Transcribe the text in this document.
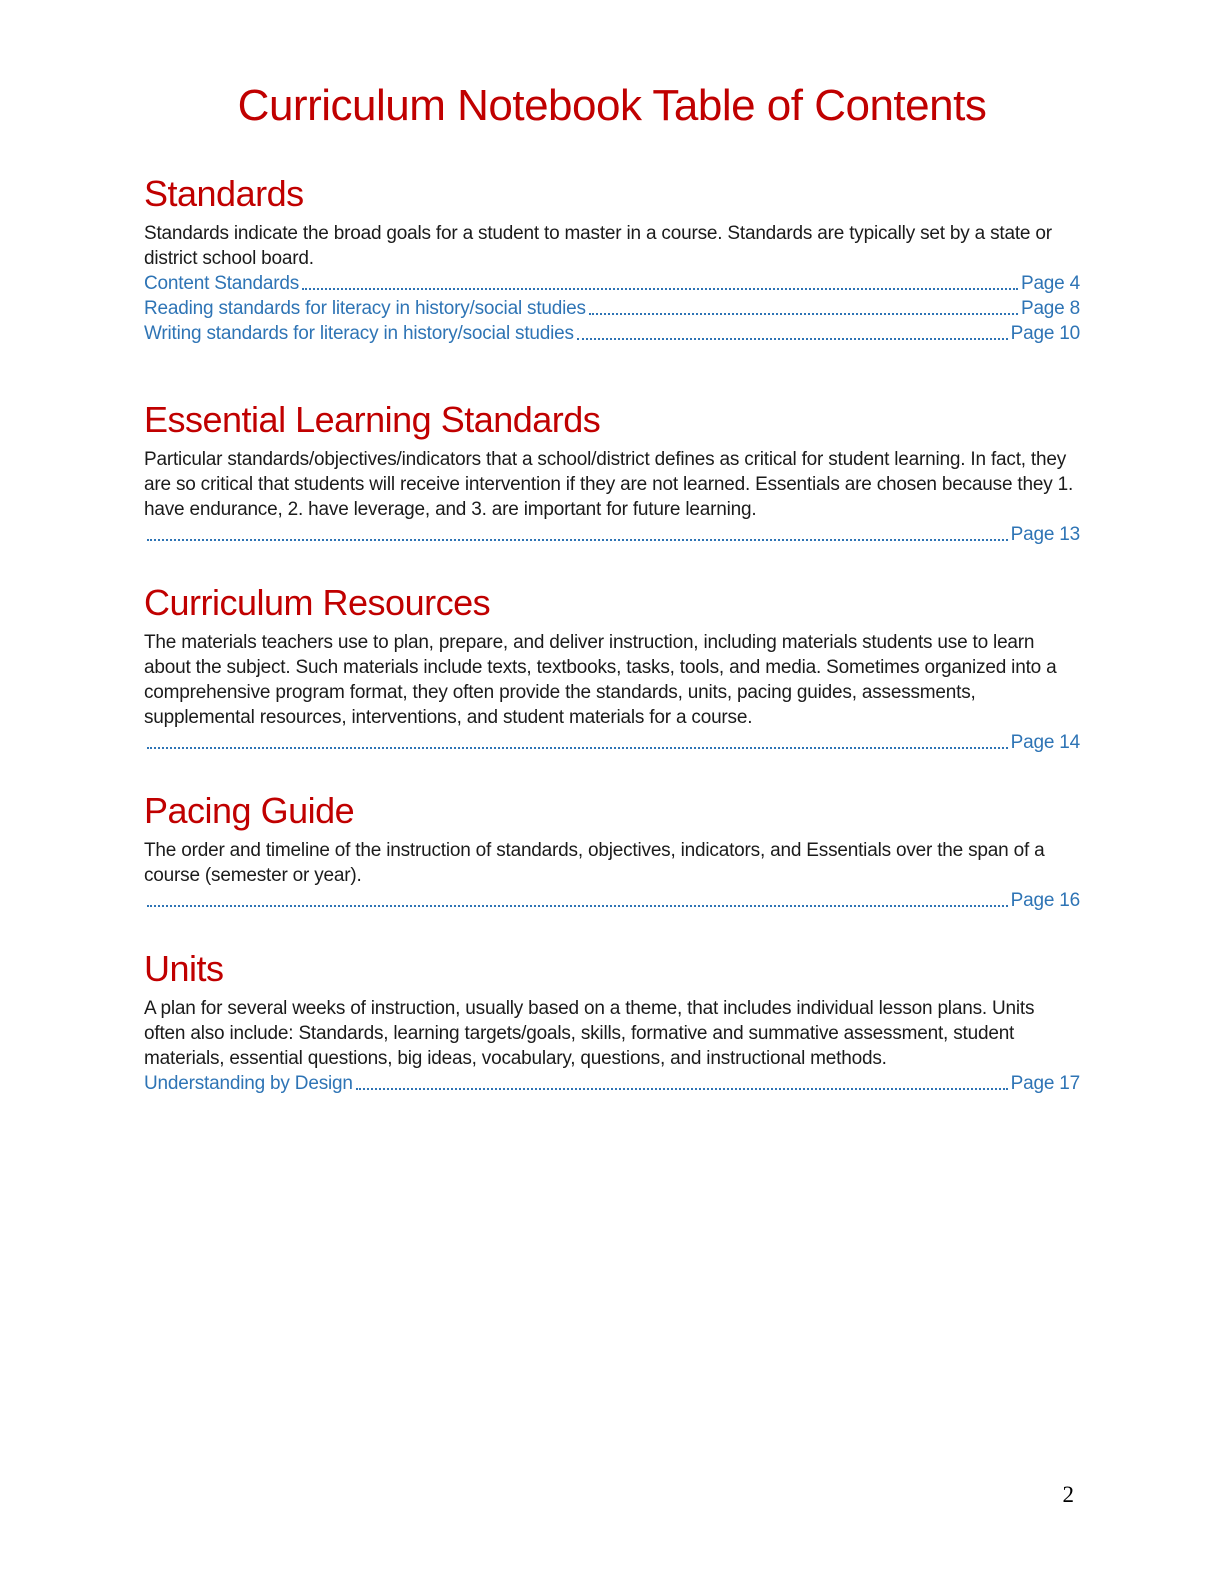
Curriculum Notebook Table of Contents
Standards

Standards indicate the broad goals for a student to master in a course. Standards are typically set by a state or district school board.

Content Standards	Page 4
Reading standards for literacy in history/social studies	Page 8
Writing standards for literacy in history/social studies	Page 10
Essential Learning Standards

Particular standards/objectives/indicators that a school/district defines as critical for student learning. In fact, they are so critical that students will receive intervention if they are not learned. Essentials are chosen because they 1. have endurance, 2. have leverage, and 3. are important for future learning.

Page 13
Curriculum Resources

The materials teachers use to plan, prepare, and deliver instruction, including materials students use to learn about the subject. Such materials include texts, textbooks, tasks, tools, and media. Sometimes organized into a comprehensive program format, they often provide the standards, units, pacing guides, assessments, supplemental resources, interventions, and student materials for a course.

Page 14
Pacing Guide

The order and timeline of the instruction of standards, objectives, indicators, and Essentials over the span of a course (semester or year).

Page 16
Units

A plan for several weeks of instruction, usually based on a theme, that includes individual lesson plans. Units often also include: Standards, learning targets/goals, skills, formative and summative assessment, student materials, essential questions, big ideas, vocabulary, questions, and instructional methods.

Understanding by Design	Page 17
2
